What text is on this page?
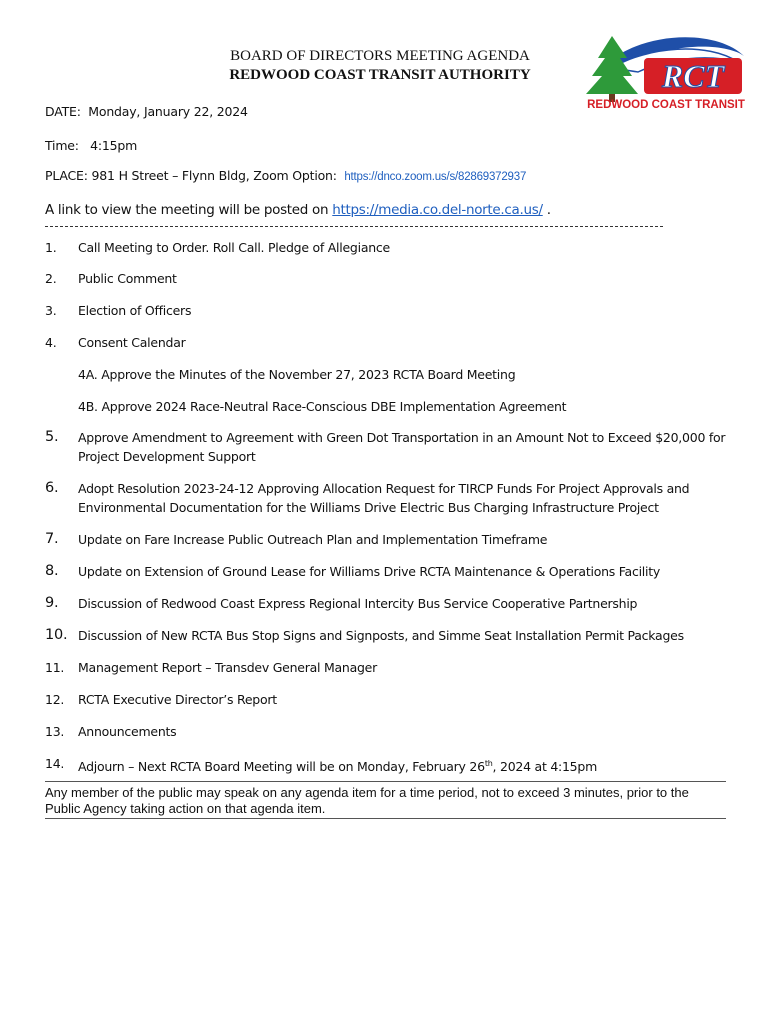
BOARD OF DIRECTORS MEETING AGENDA
REDWOOD COAST TRANSIT AUTHORITY	RCT
REDWOOD COAST TRANSIT
DATE: Monday, January 22, 2024
Time: 4:15pm
PLACE: 981 H Street – Flynn Bldg, Zoom Option: https://dnco.zoom.us/s/82869372937
A link to view the meeting will be posted on https://media.co.del-norte.ca.us/ .
1. Call Meeting to Order. Roll Call. Pledge of Allegiance
2. Public Comment
3. Election of Officers
4. Consent Calendar
4A. Approve the Minutes of the November 27, 2023 RCTA Board Meeting
4B. Approve 2024 Race-Neutral Race-Conscious DBE Implementation Agreement
5. Approve Amendment to Agreement with Green Dot Transportation in an Amount Not to Exceed $20,000 for Project Development Support
6. Adopt Resolution 2023-24-12 Approving Allocation Request for TIRCP Funds For Project Approvals and Environmental Documentation for the Williams Drive Electric Bus Charging Infrastructure Project
7. Update on Fare Increase Public Outreach Plan and Implementation Timeframe
8. Update on Extension of Ground Lease for Williams Drive RCTA Maintenance & Operations Facility
9. Discussion of Redwood Coast Express Regional Intercity Bus Service Cooperative Partnership
10. Discussion of New RCTA Bus Stop Signs and Signposts, and Simme Seat Installation Permit Packages
11. Management Report – Transdev General Manager
12. RCTA Executive Director’s Report
13. Announcements
14. Adjourn – Next RCTA Board Meeting will be on Monday, February 26th, 2024 at 4:15pm
Any member of the public may speak on any agenda item for a time period, not to exceed 3 minutes, prior to the Public Agency taking action on that agenda item.
